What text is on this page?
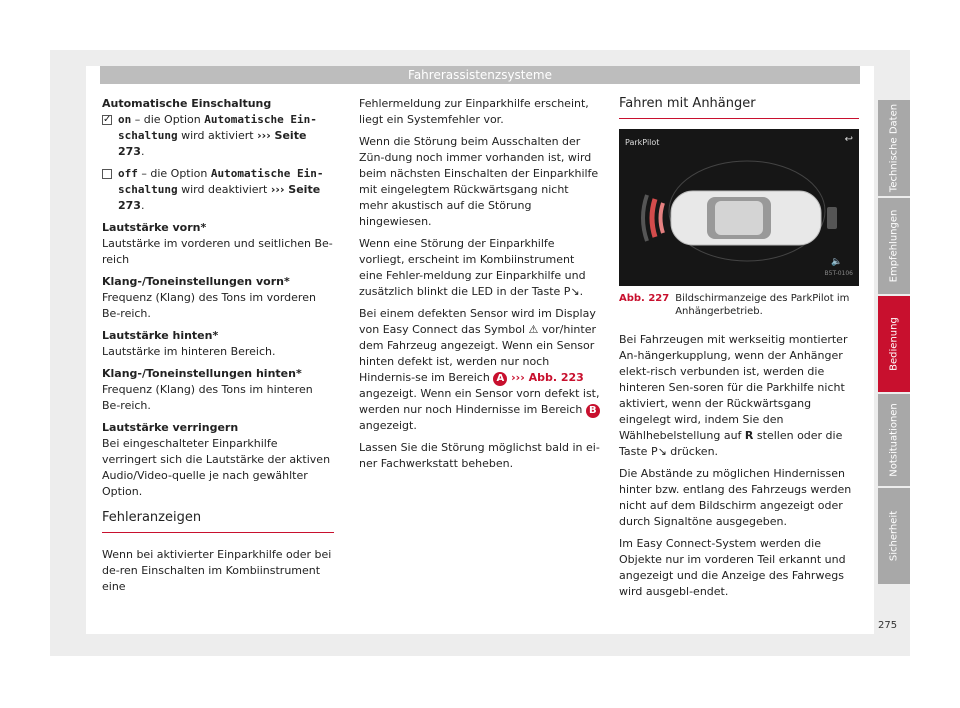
Fahrerassistenzsysteme
Automatische Einschaltung
✓ on – die Option Automatische Ein-schaltung wird aktiviert ››› Seite 273.
off – die Option Automatische Ein-schaltung wird deaktiviert ››› Seite 273.
Lautstärke vorn*

Lautstärke im vorderen und seitlichen Be-reich

Klang-/Toneinstellungen vorn*

Frequenz (Klang) des Tons im vorderen Be-reich.

Lautstärke hinten*

Lautstärke im hinteren Bereich.

Klang-/Toneinstellungen hinten*

Frequenz (Klang) des Tons im hinteren Be-reich.

Lautstärke verringern

Bei eingeschalteter Einparkhilfe verringert sich die Lautstärke der aktiven Audio/Video-quelle je nach gewählter Option.

Fehleranzeigen

Wenn bei aktivierter Einparkhilfe oder bei de-ren Einschalten im Kombiinstrument eine

Fehlermeldung zur Einparkhilfe erscheint, liegt ein Systemfehler vor.

Wenn die Störung beim Ausschalten der Zün-dung noch immer vorhanden ist, wird beim nächsten Einschalten der Einparkhilfe mit eingelegtem Rückwärtsgang nicht mehr akustisch auf die Störung hingewiesen.

Wenn eine Störung der Einparkhilfe vorliegt, erscheint im Kombiinstrument eine Fehler-meldung zur Einparkhilfe und zusätzlich blinkt die LED in der Taste P↘.

Bei einem defekten Sensor wird im Display von Easy Connect das Symbol ⚠ vor/hinter dem Fahrzeug angezeigt. Wenn ein Sensor hinten defekt ist, werden nur noch Hindernis-se im Bereich A ››› Abb. 223 angezeigt. Wenn ein Sensor vorn defekt ist, werden nur noch Hindernisse im Bereich B angezeigt.

Lassen Sie die Störung möglichst bald in ei-ner Fachwerkstatt beheben.

Fahren mit Anhänger
ParkPilot	↩
🔈
B5T-0106
Abb. 227 Bildschirmanzeige des ParkPilot im Anhängerbetrieb.

Bei Fahrzeugen mit werkseitig montierter An-hängerkupplung, wenn der Anhänger elekt-risch verbunden ist, werden die hinteren Sen-soren für die Parkhilfe nicht aktiviert, wenn der Rückwärtsgang eingelegt wird, indem Sie den Wählhebelstellung auf R stellen oder die Taste P↘ drücken.

Die Abstände zu möglichen Hindernissen hinter bzw. entlang des Fahrzeugs werden nicht auf dem Bildschirm angezeigt oder durch Signaltöne ausgegeben.

Im Easy Connect-System werden die Objekte nur im vorderen Teil erkannt und angezeigt und die Anzeige des Fahrwegs wird ausgebl-endet.

Technische Daten
Empfehlungen
Bedienung
Notsituationen
Sicherheit
275
